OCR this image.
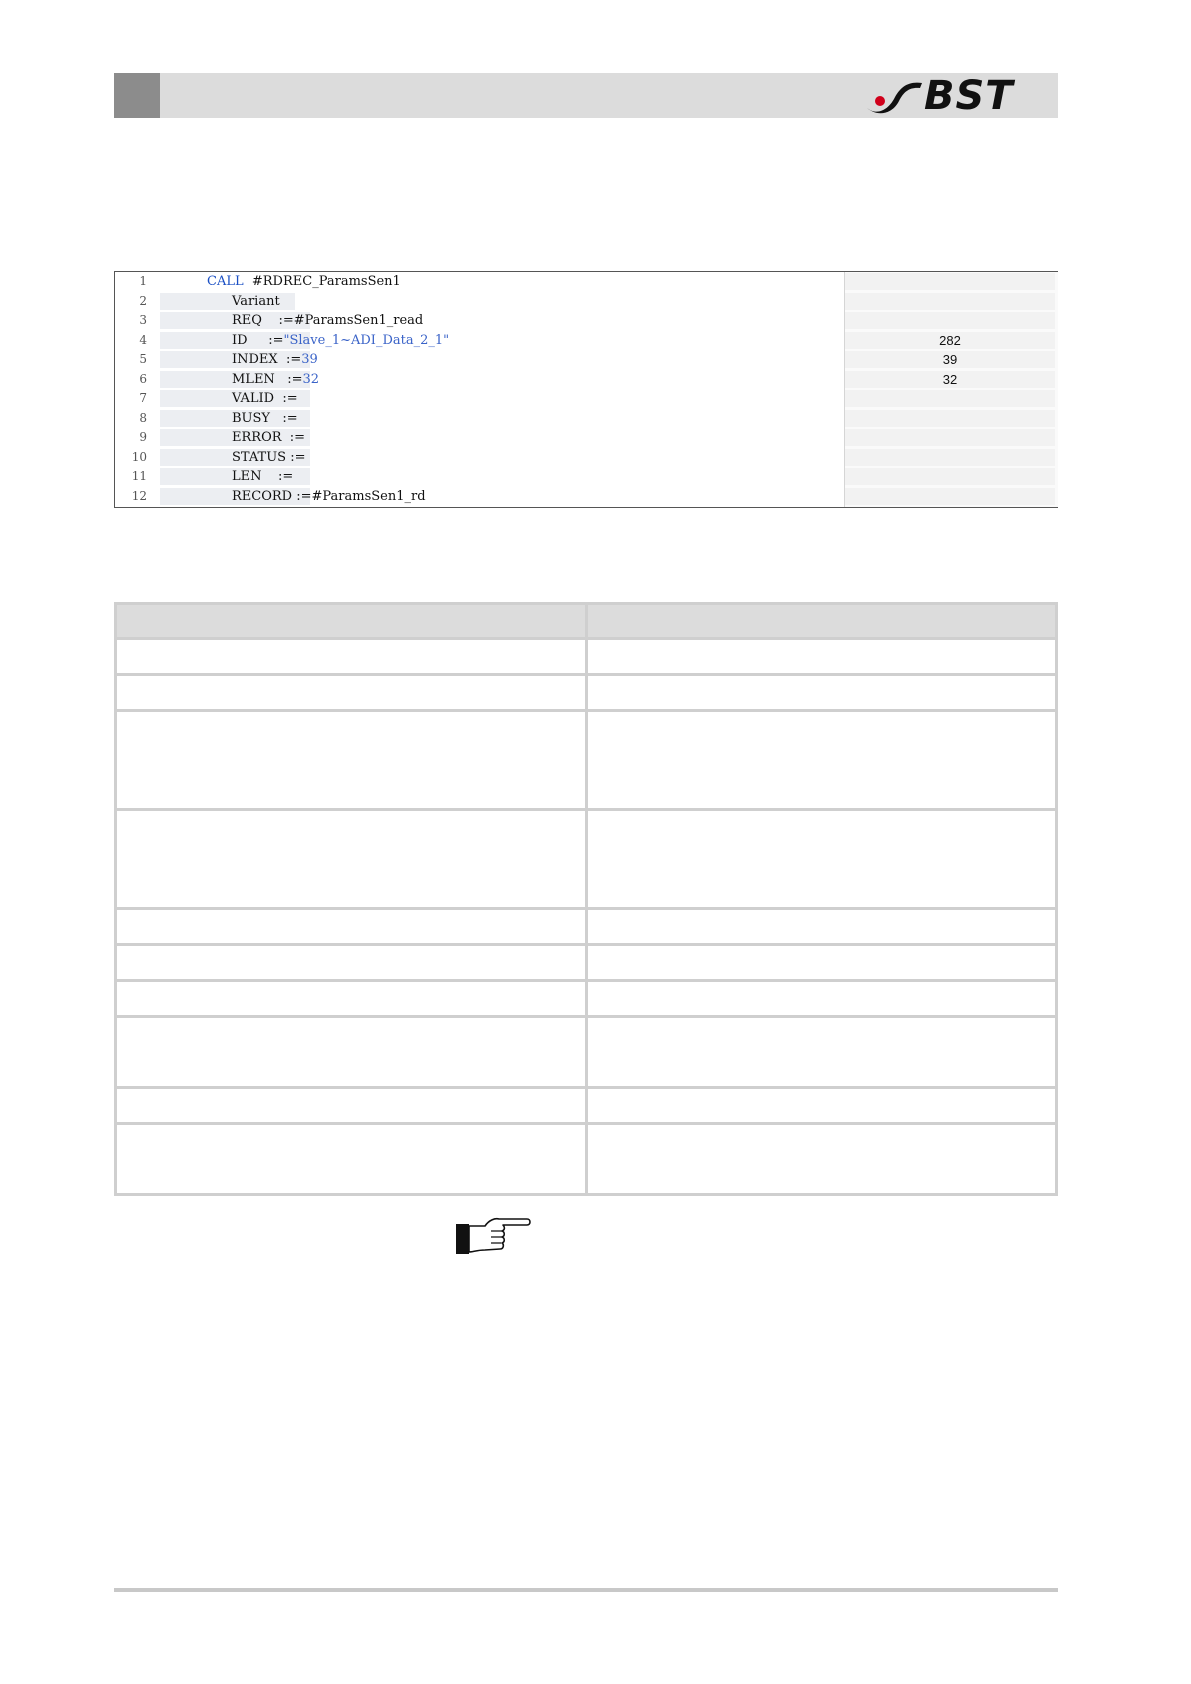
BST
1	CALL  #RDREC_ParamsSen1
2	Variant
3	REQ    :=#ParamsSen1_read
4	ID     :="Slave_1~ADI_Data_2_1"	282
5	INDEX  :=39	39
6	MLEN   :=32	32
7	VALID  :=
8	BUSY   :=
9	ERROR  :=
10	STATUS :=
11	LEN    :=
12	RECORD :=#ParamsSen1_rd
